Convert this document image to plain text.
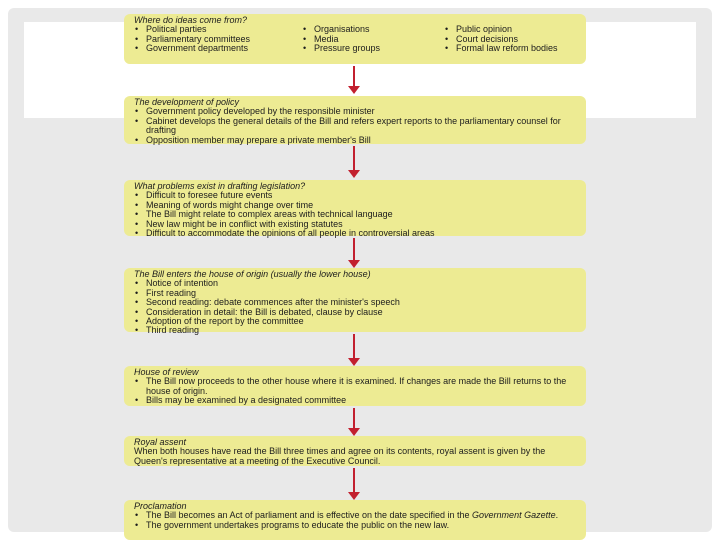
Where do ideas come from?
• Political parties
• Parliamentary committees
• Government departments
• Organisations
• Media
• Pressure groups
• Public opinion
• Court decisions
• Formal law reform bodies
The development of policy
• Government policy developed by the responsible minister
• Cabinet develops the general details of the Bill and refers expert reports to the parliamentary counsel for drafting
• Opposition member may prepare a private member's Bill
What problems exist in drafting legislation?
• Difficult to foresee future events
• Meaning of words might change over time
• The Bill might relate to complex areas with technical language
• New law might be in conflict with existing statutes
• Difficult to accommodate the opinions of all people in controversial areas
The Bill enters the house of origin (usually the lower house)
• Notice of intention
• First reading
• Second reading: debate commences after the minister's speech
• Consideration in detail: the Bill is debated, clause by clause
• Adoption of the report by the committee
• Third reading
House of review
• The Bill now proceeds to the other house where it is examined. If changes are made the Bill returns to the house of origin.
• Bills may be examined by a designated committee
Royal assent

When both houses have read the Bill three times and agree on its contents, royal assent is given by the Queen's representative at a meeting of the Executive Council.

Proclamation
• The Bill becomes an Act of parliament and is effective on the date specified in the Government Gazette.
• The government undertakes programs to educate the public on the new law.
